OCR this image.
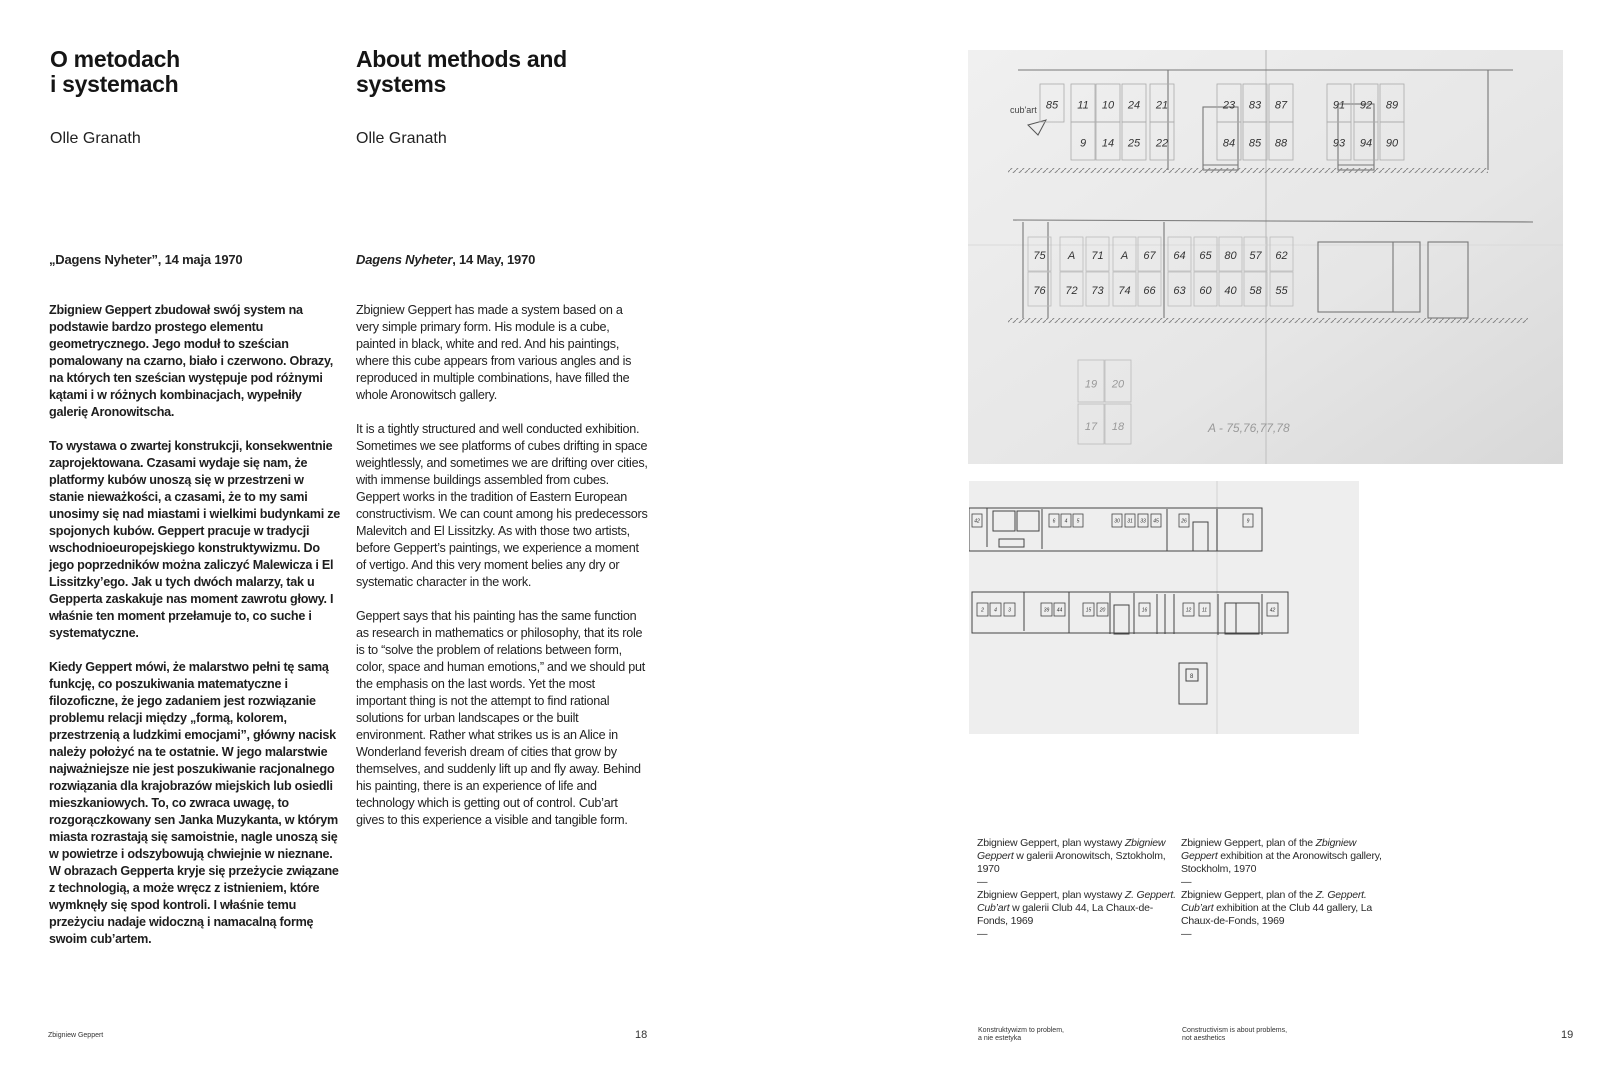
O metodach
i systemach
About methods and
systems
Olle Granath	Olle Granath
„Dagens Nyheter”, 14 maja 1970	Dagens Nyheter, 14 May, 1970

Zbigniew Geppert zbudował swój system na podstawie bardzo prostego elementu geometrycznego. Jego moduł to sześcian pomalowany na czarno, biało i czerwono. Obrazy, na których ten sześcian występuje pod różnymi kątami i w różnych kombinacjach, wypełniły galerię Aronowitscha.

To wystawa o zwartej konstrukcji, konsekwentnie zaprojektowana. Czasami wydaje się nam, że platformy kubów unoszą się w przestrzeni w stanie nieważkości, a czasami, że to my sami unosimy się nad miastami i wielkimi budynkami ze spojonych kubów. Geppert pracuje w tradycji wschodnioeuropejskiego konstruktywizmu. Do jego poprzedników można zaliczyć Malewicza i El Lissitzky’ego. Jak u tych dwóch malarzy, tak u Gepperta zaskakuje nas moment zawrotu głowy. I właśnie ten moment przełamuje to, co suche i systematyczne.

Kiedy Geppert mówi, że malarstwo pełni tę samą funkcję, co poszukiwania matematyczne i filozoficzne, że jego zadaniem jest rozwiązanie problemu relacji między „formą, kolorem, przestrzenią a ludzkimi emocjami”, główny nacisk należy położyć na te ostatnie. W jego malarstwie najważniejsze nie jest poszukiwanie racjonalnego rozwiązania dla krajobrazów miejskich lub osiedli mieszkaniowych. To, co zwraca uwagę, to rozgorączkowany sen Janka Muzykanta, w którym miasta rozrastają się samoistnie, nagle unoszą się w powietrze i odszybowują chwiejnie w nieznane. W obrazach Gepperta kryje się przeżycie związane z technologią, a może wręcz z istnieniem, które wymknęły się spod kontroli. I właśnie temu przeżyciu nadaje widoczną i namacalną formę swoim cub’artem.

Zbigniew Geppert has made a system based on a very simple primary form. His module is a cube, painted in black, white and red. And his paintings, where this cube appears from various angles and is reproduced in multiple combinations, have filled the whole Aronowitsch gallery.

It is a tightly structured and well conducted exhibition. Sometimes we see platforms of cubes drifting in space weightlessly, and sometimes we are drifting over cities, with immense buildings assembled from cubes. Geppert works in the tradition of Eastern European constructivism. We can count among his predecessors Malevitch and El Lissitzky. As with those two artists, before Geppert’s paintings, we experience a moment of vertigo. And this very moment belies any dry or systematic character in the work.

Geppert says that his painting has the same function as research in mathematics or philosophy, that its role is to “solve the problem of relations between form, color, space and human emotions,” and we should put the emphasis on the last words. Yet the most important thing is not the attempt to find rational solutions for urban landscapes or the built environment. Rather what strikes us is an Alice in Wonderland feverish dream of cities that grow by themselves, and suddenly lift up and fly away. Behind his painting, there is an experience of life and technology which is getting out of control. Cub’art gives to this experience a visible and tangible form.

Zbigniew Geppert	18
cub'art 85 11 10 24 21	23 83 87	91 92 89
9 14 25 22	84 85 88	93 94 90
75 A 71 A 67 64 65 80 57 62
76 72 73 74 66 63 60 40 58 55
19 20
17 18	A - 75,76,77,78
42	6 4 5	30 31 33 45	26	9
2 4 3	39 44	15 20	16	12 11	42
8
Zbigniew Geppert, plan wystawy Zbigniew Geppert w galerii Aronowitsch, Sztokholm, 1970
—
Zbigniew Geppert, plan wystawy Z. Geppert. Cub’art w galerii Club 44, La Chaux-de-Fonds, 1969
—
Zbigniew Geppert, plan of the Zbigniew Geppert exhibition at the Aronowitsch gallery, Stockholm, 1970
—
Zbigniew Geppert, plan of the Z. Geppert. Cub’art exhibition at the Club 44 gallery, La Chaux-de-Fonds, 1969
—
Konstruktywizm to problem,
a nie estetyka
Constructivism is about problems,
not aesthetics	19
